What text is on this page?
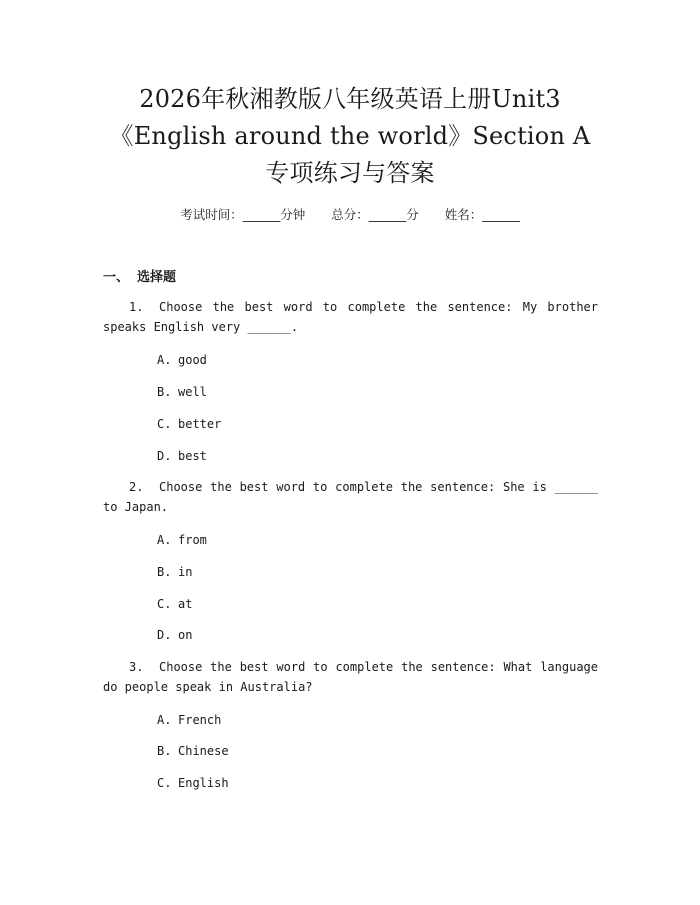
2026年秋湘教版八年级英语上册Unit3
《English around the world》Section A
专项练习与答案
考试时间：______分钟 总分：______分 姓名：______
一、 选择题
1. Choose the best word to complete the sentence: My brother speaks English very ______.
A. good
B. well
C. better
D. best
2. Choose the best word to complete the sentence: She is ______ to Japan.
A. from
B. in
C. at
D. on
3. Choose the best word to complete the sentence: What language do people speak in Australia?
A. French
B. Chinese
C. English
